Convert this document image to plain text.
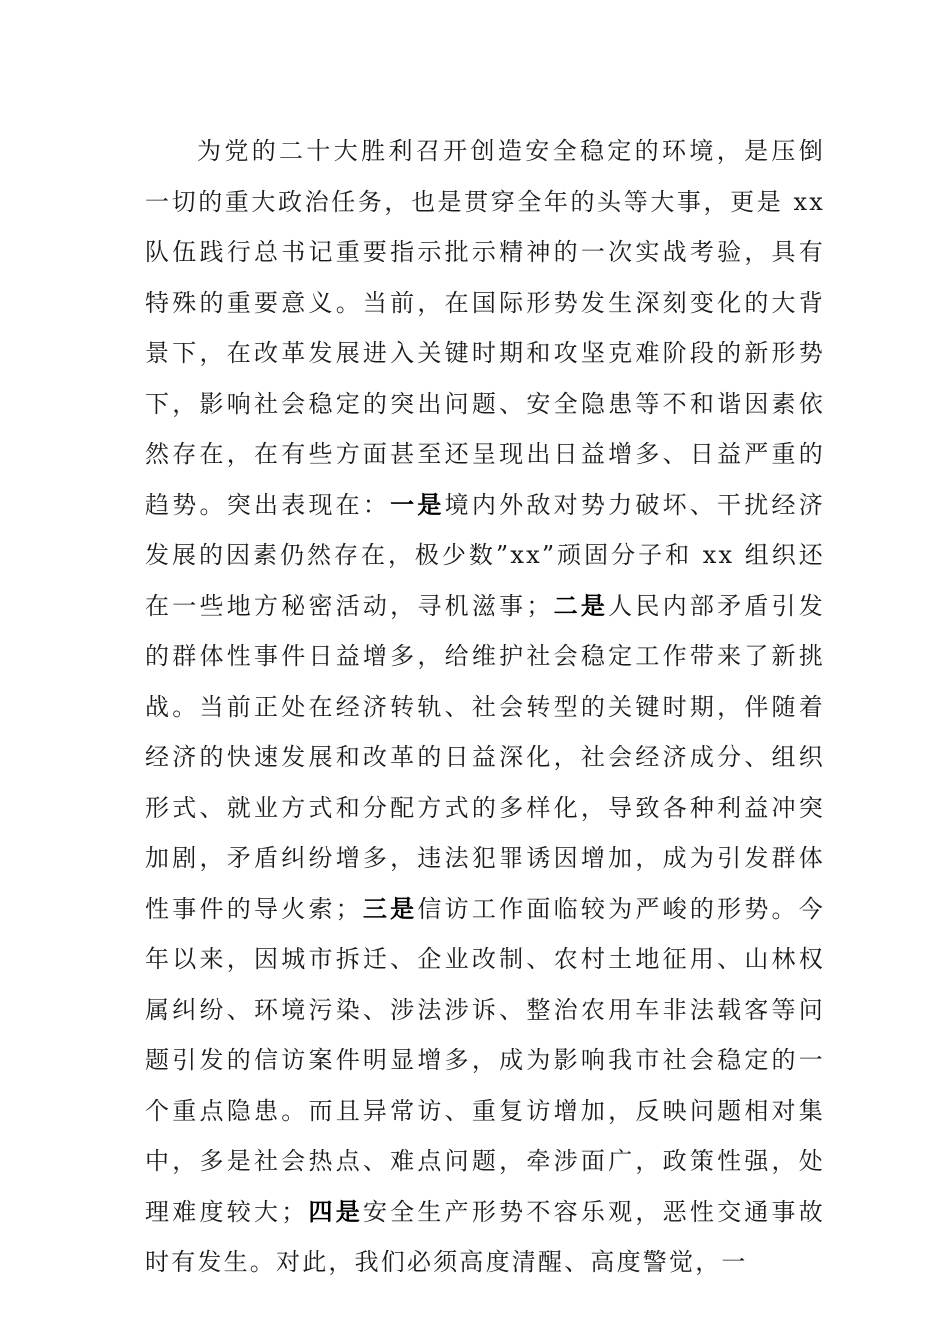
为党的二十大胜利召开创造安全稳定的环境，是压倒一切的重大政治任务，也是贯穿全年的头等大事，更是 xx 队伍践行总书记重要指示批示精神的一次实战考验，具有特殊的重要意义。当前，在国际形势发生深刻变化的大背景下，在改革发展进入关键时期和攻坚克难阶段的新形势下，影响社会稳定的突出问题、安全隐患等不和谐因素依然存在，在有些方面甚至还呈现出日益增多、日益严重的趋势。突出表现在：一是境内外敌对势力破坏、干扰经济发展的因素仍然存在，极少数”xx”顽固分子和 xx 组织还在一些地方秘密活动，寻机滋事；二是人民内部矛盾引发的群体性事件日益增多，给维护社会稳定工作带来了新挑战。当前正处在经济转轨、社会转型的关键时期，伴随着经济的快速发展和改革的日益深化，社会经济成分、组织形式、就业方式和分配方式的多样化，导致各种利益冲突加剧，矛盾纠纷增多，违法犯罪诱因增加，成为引发群体性事件的导火索；三是信访工作面临较为严峻的形势。今年以来，因城市拆迁、企业改制、农村土地征用、山林权属纠纷、环境污染、涉法涉诉、整治农用车非法载客等问题引发的信访案件明显增多，成为影响我市社会稳定的一个重点隐患。而且异常访、重复访增加，反映问题相对集中，多是社会热点、难点问题，牵涉面广，政策性强，处理难度较大；四是安全生产形势不容乐观，恶性交通事故时有发生。对此，我们必须高度清醒、高度警觉，一
